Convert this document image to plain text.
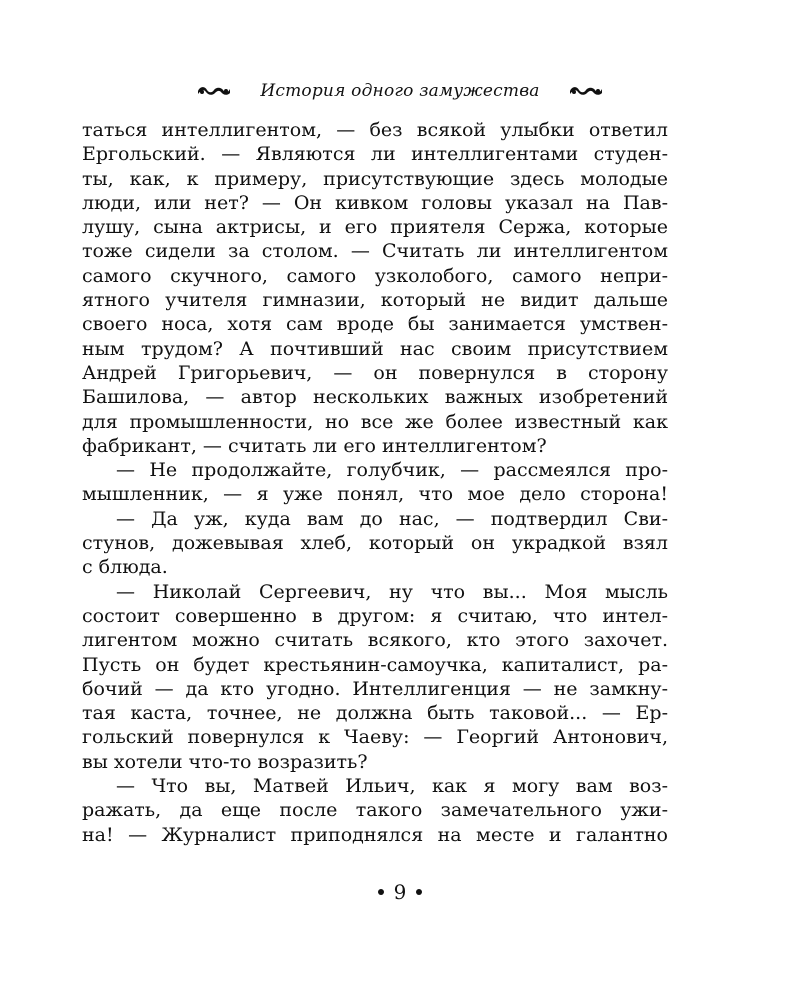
История одного замужества
таться интеллигентом, — без всякой улыбки ответил
Ергольский. — Являются ли интеллигентами студен-
ты, как, к примеру, присутствующие здесь молодые
люди, или нет? — Он кивком головы указал на Пав-
лушу, сына актрисы, и его приятеля Сержа, которые
тоже сидели за столом. — Считать ли интеллигентом
самого скучного, самого узколобого, самого непри-
ятного учителя гимназии, который не видит дальше
своего носа, хотя сам вроде бы занимается умствен-
ным трудом? А почтивший нас своим присутствием
Андрей Григорьевич, — он повернулся в сторону
Башилова, — автор нескольких важных изобретений
для промышленности, но все же более известный как
фабрикант, — считать ли его интеллигентом?
— Не продолжайте, голубчик, — рассмеялся про-
мышленник, — я уже понял, что мое дело сторона!
— Да уж, куда вам до нас, — подтвердил Сви-
стунов, дожевывая хлеб, который он украдкой взял
с блюда.
— Николай Сергеевич, ну что вы... Моя мысль
состоит совершенно в другом: я считаю, что интел-
лигентом можно считать всякого, кто этого захочет.
Пусть он будет крестьянин-самоучка, капиталист, ра-
бочий — да кто угодно. Интеллигенция — не замкну-
тая каста, точнее, не должна быть таковой... — Ер-
гольский повернулся к Чаеву: — Георгий Антонович,
вы хотели что-то возразить?
— Что вы, Матвей Ильич, как я могу вам воз-
ражать, да еще после такого замечательного ужи-
на! — Журналист приподнялся на месте и галантно
9
